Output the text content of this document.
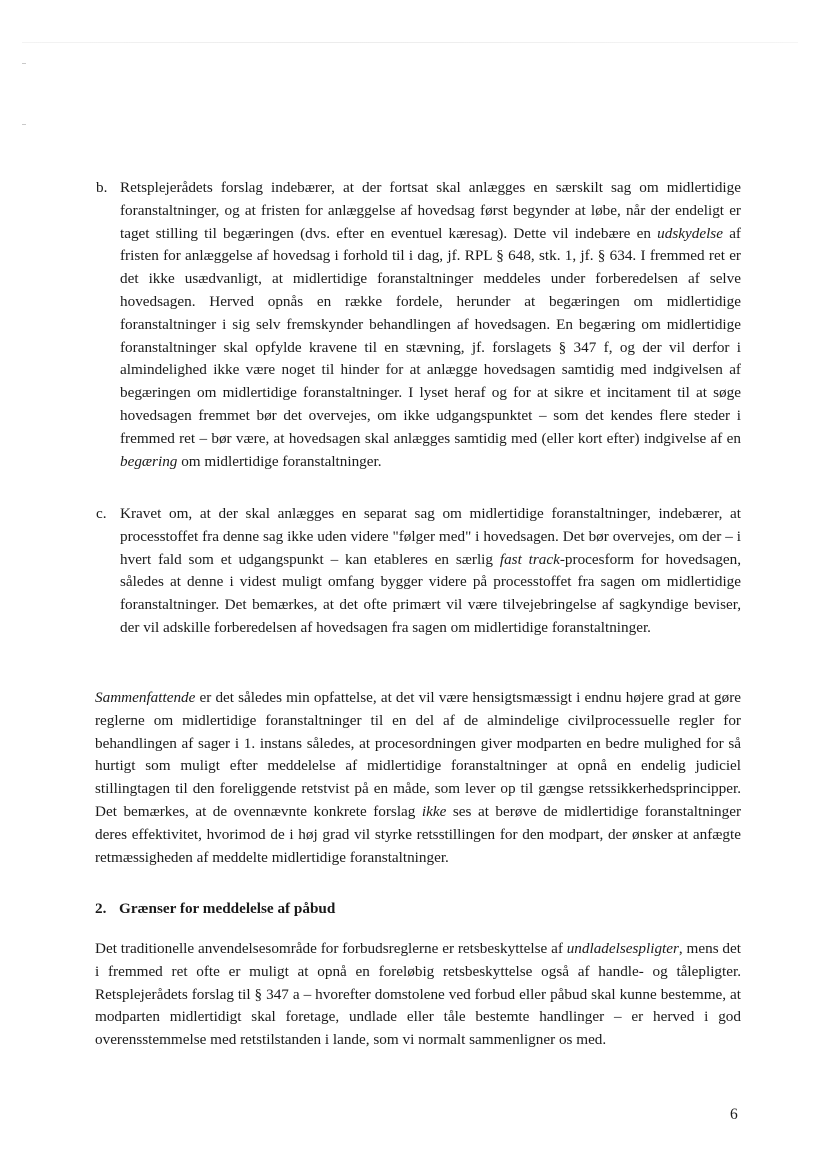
b. Retsplejerådets forslag indebærer, at der fortsat skal anlægges en særskilt sag om midlertidige foranstaltninger, og at fristen for anlæggelse af hovedsag først begynder at løbe, når der endeligt er taget stilling til begæringen (dvs. efter en eventuel kæresag). Dette vil indebære en udskydelse af fristen for anlæggelse af hovedsag i forhold til i dag, jf. RPL § 648, stk. 1, jf. § 634. I fremmed ret er det ikke usædvanligt, at midlertidige foranstaltninger meddeles under forberedelsen af selve hovedsagen. Herved opnås en række fordele, herunder at begæringen om midlertidige foranstaltninger i sig selv fremskynder behandlingen af hovedsagen. En begæring om midlertidige foranstaltninger skal opfylde kravene til en stævning, jf. forslagets § 347 f, og der vil derfor i almindelighed ikke være noget til hinder for at anlægge hovedsagen samtidig med indgivelsen af begæringen om midlertidige foranstaltninger. I lyset heraf og for at sikre et incitament til at søge hovedsagen fremmet bør det overvejes, om ikke udgangspunktet – som det kendes flere steder i fremmed ret – bør være, at hovedsagen skal anlægges samtidig med (eller kort efter) indgivelse af en begæring om midlertidige foranstaltninger.

c. Kravet om, at der skal anlægges en separat sag om midlertidige foranstaltninger, indebærer, at processtoffet fra denne sag ikke uden videre "følger med" i hovedsagen. Det bør overvejes, om der – i hvert fald som et udgangspunkt – kan etableres en særlig fast track-procesform for hovedsagen, således at denne i videst muligt omfang bygger videre på processtoffet fra sagen om midlertidige foranstaltninger. Det bemærkes, at det ofte primært vil være tilvejebringelse af sagkyndige beviser, der vil adskille forberedelsen af hovedsagen fra sagen om midlertidige foranstaltninger.

Sammenfattende er det således min opfattelse, at det vil være hensigtsmæssigt i endnu højere grad at gøre reglerne om midlertidige foranstaltninger til en del af de almindelige civilprocessuelle regler for behandlingen af sager i 1. instans således, at procesordningen giver modparten en bedre mulighed for så hurtigt som muligt efter meddelelse af midlertidige foranstaltninger at opnå en endelig judiciel stillingtagen til den foreliggende retstvist på en måde, som lever op til gængse retssikkerhedsprincipper. Det bemærkes, at de ovennævnte konkrete forslag ikke ses at berøve de midlertidige foranstaltninger deres effektivitet, hvorimod de i høj grad vil styrke retsstillingen for den modpart, der ønsker at anfægte retmæssigheden af meddelte midlertidige foranstaltninger.

2. Grænser for meddelelse af påbud

Det traditionelle anvendelsesområde for forbudsreglerne er retsbeskyttelse af undladelsespligter, mens det i fremmed ret ofte er muligt at opnå en foreløbig retsbeskyttelse også af handle- og tålepligter. Retsplejerådets forslag til § 347 a – hvorefter domstolene ved forbud eller påbud skal kunne bestemme, at modparten midlertidigt skal foretage, undlade eller tåle bestemte handlinger – er herved i god overensstemmelse med retstilstanden i lande, som vi normalt sammenligner os med.

6
